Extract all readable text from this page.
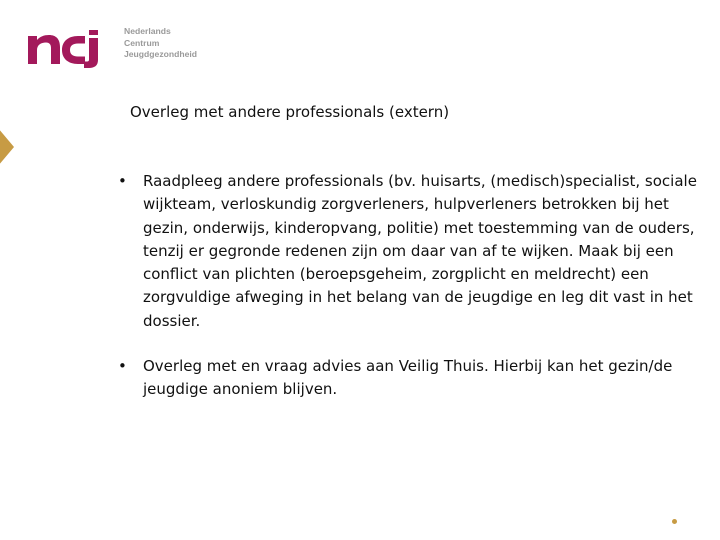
Nederlands
Centrum
Jeugdgezondheid
Overleg met andere professionals (extern)
• Raadpleeg andere professionals (bv. huisarts, (medisch)specialist, sociale wijkteam, verloskundig zorgverleners, hulpverleners betrokken bij het gezin, onderwijs, kinderopvang, politie) met toestemming van de ouders, tenzij er gegronde redenen zijn om daar van af te wijken. Maak bij een conflict van plichten (beroepsgeheim, zorgplicht en meldrecht) een zorgvuldige afweging in het belang van de jeugdige en leg dit vast in het dossier.
• Overleg met en vraag advies aan Veilig Thuis. Hierbij kan het gezin/de jeugdige anoniem blijven.
